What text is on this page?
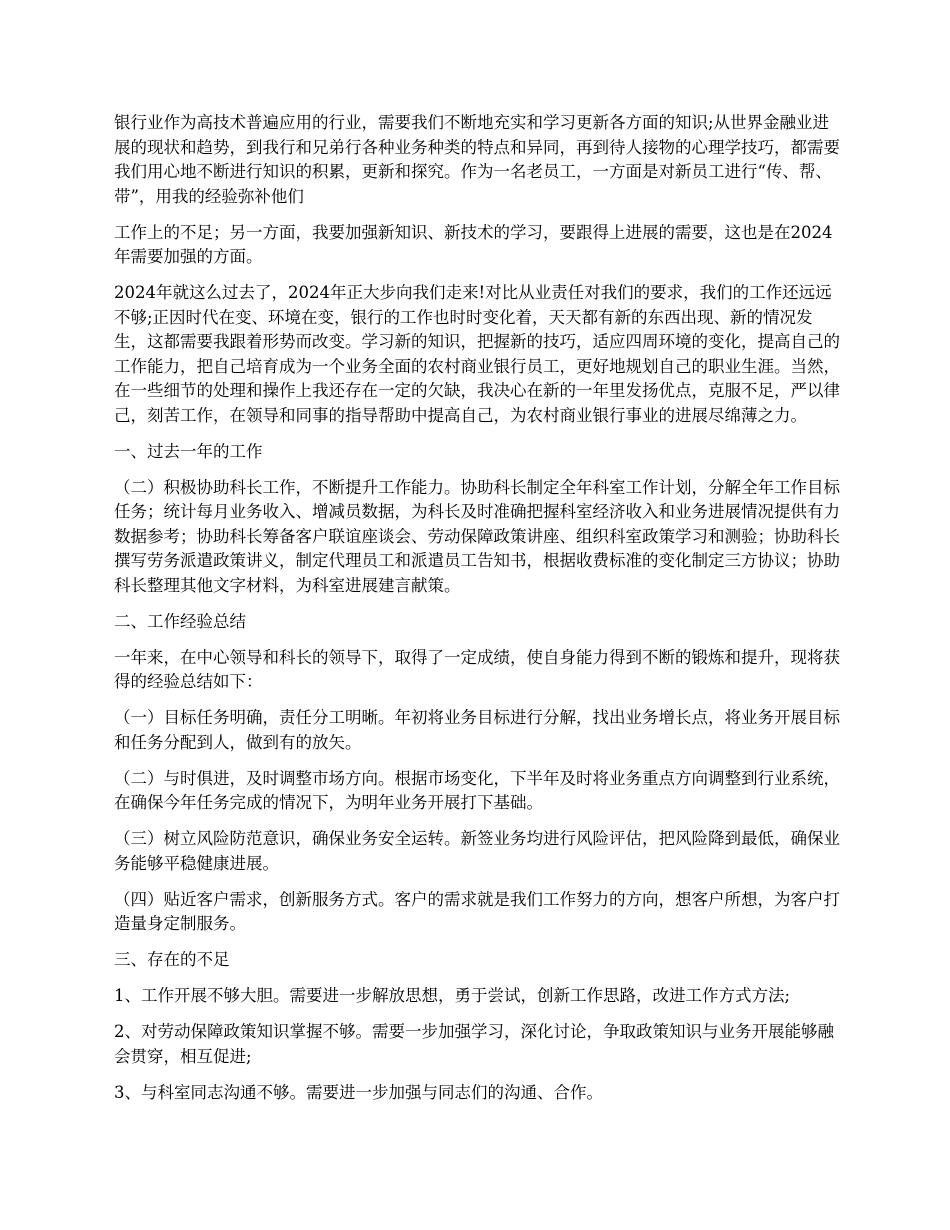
银行业作为高技术普遍应用的行业，需要我们不断地充实和学习更新各方面的知识;从世界金融业进展的现状和趋势，到我行和兄弟行各种业务种类的特点和异同，再到待人接物的心理学技巧，都需要我们用心地不断进行知识的积累，更新和探究。作为一名老员工，一方面是对新员工进行“传、帮、带”，用我的经验弥补他们

工作上的不足；另一方面，我要加强新知识、新技术的学习，要跟得上进展的需要，这也是在2024年需要加强的方面。

2024年就这么过去了，2024年正大步向我们走来!对比从业责任对我们的要求，我们的工作还远远不够;正因时代在变、环境在变，银行的工作也时时变化着，天天都有新的东西出现、新的情况发生，这都需要我跟着形势而改变。学习新的知识，把握新的技巧，适应四周环境的变化，提高自己的工作能力，把自己培育成为一个业务全面的农村商业银行员工，更好地规划自己的职业生涯。当然，在一些细节的处理和操作上我还存在一定的欠缺，我决心在新的一年里发扬优点，克服不足，严以律己，刻苦工作，在领导和同事的指导帮助中提高自己，为农村商业银行事业的进展尽绵薄之力。

一、过去一年的工作

（二）积极协助科长工作，不断提升工作能力。协助科长制定全年科室工作计划，分解全年工作目标任务；统计每月业务收入、增减员数据，为科长及时准确把握科室经济收入和业务进展情况提供有力数据参考；协助科长筹备客户联谊座谈会、劳动保障政策讲座、组织科室政策学习和测验；协助科长撰写劳务派遣政策讲义，制定代理员工和派遣员工告知书，根据收费标准的变化制定三方协议；协助科长整理其他文字材料，为科室进展建言献策。

二、工作经验总结

一年来，在中心领导和科长的领导下，取得了一定成绩，使自身能力得到不断的锻炼和提升，现将获得的经验总结如下：

（一）目标任务明确，责任分工明晰。年初将业务目标进行分解，找出业务增长点，将业务开展目标和任务分配到人，做到有的放矢。

（二）与时俱进，及时调整市场方向。根据市场变化，下半年及时将业务重点方向调整到行业系统，在确保今年任务完成的情况下，为明年业务开展打下基础。

（三）树立风险防范意识，确保业务安全运转。新签业务均进行风险评估，把风险降到最低，确保业务能够平稳健康进展。

（四）贴近客户需求，创新服务方式。客户的需求就是我们工作努力的方向，想客户所想，为客户打造量身定制服务。

三、存在的不足

1、工作开展不够大胆。需要进一步解放思想，勇于尝试，创新工作思路，改进工作方式方法;

2、对劳动保障政策知识掌握不够。需要一步加强学习，深化讨论，争取政策知识与业务开展能够融会贯穿，相互促进;

3、与科室同志沟通不够。需要进一步加强与同志们的沟通、合作。
